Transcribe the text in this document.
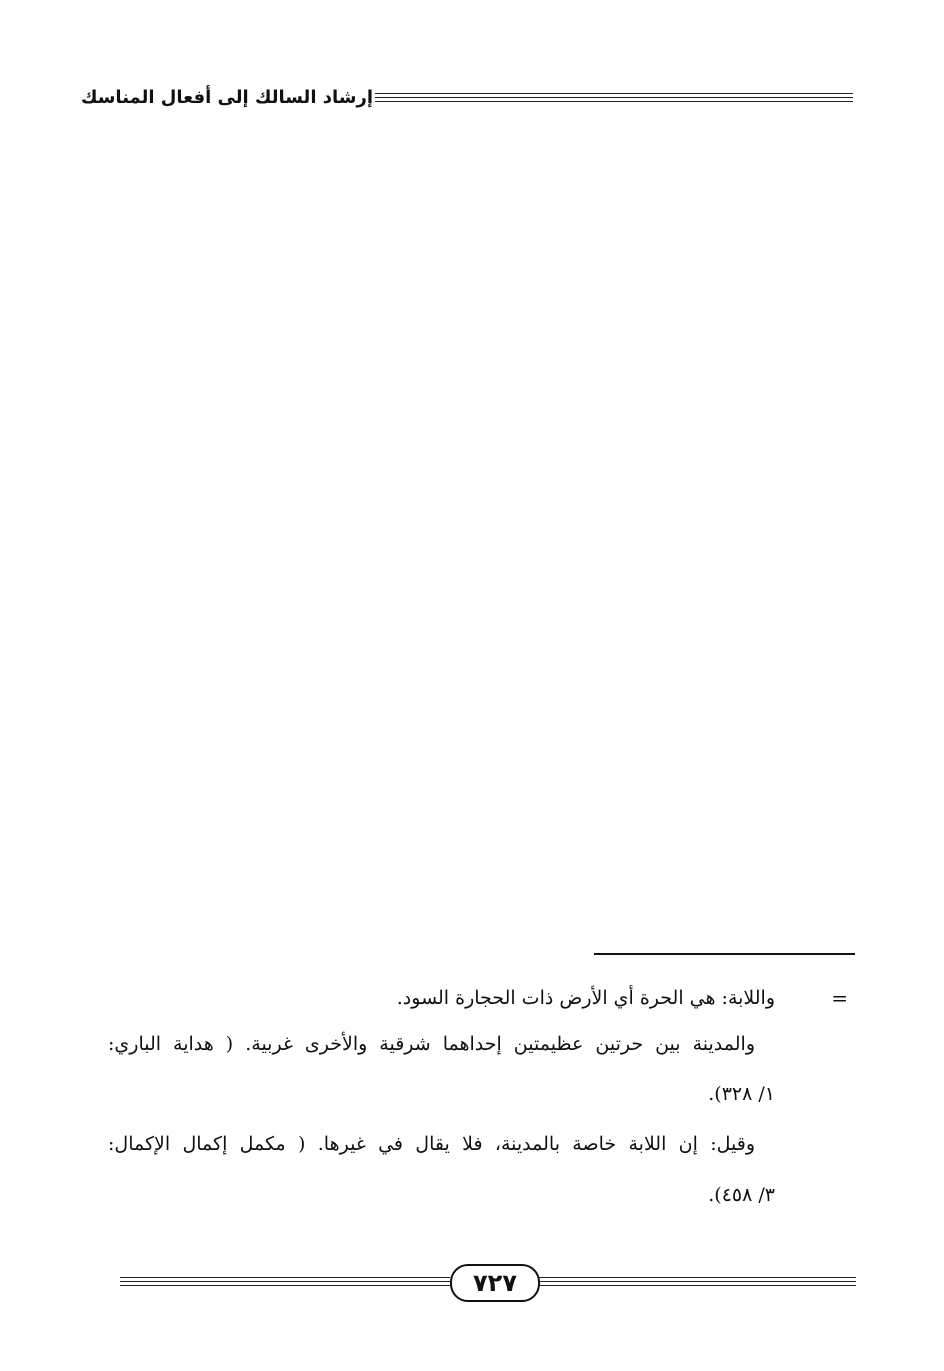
إرشاد السالك إلى أفعال المناسك
=
واللابة: هي الحرة أي الأرض ذات الحجارة السود.
والمدينة بين حرتين عظيمتين إحداهما شرقية والأخرى غربية. ( هداية الباري:
١/ ٣٢٨).
وقيل: إن اللابة خاصة بالمدينة، فلا يقال في غيرها. ( مكمل إكمال الإكمال:
٣/ ٤٥٨).
٧٢٧
